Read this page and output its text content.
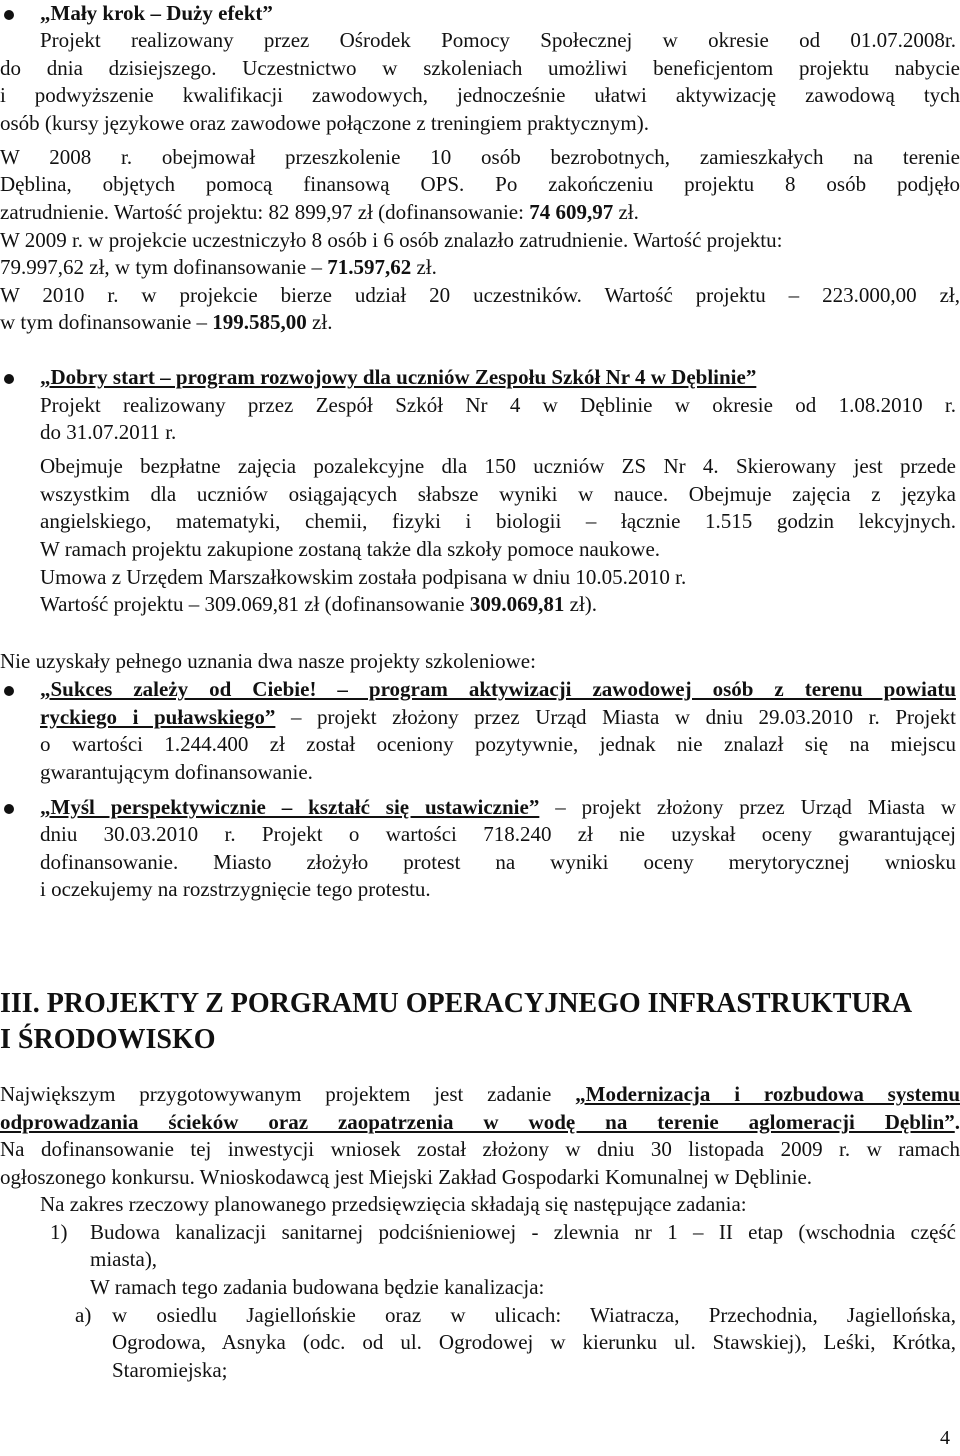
„Mały krok – Duży efekt”
Projekt realizowany przez Ośrodek Pomocy Społecznej w okresie od 01.07.2008r.
do dnia dzisiejszego. Uczestnictwo w szkoleniach umożliwi beneficjentom projektu nabycie
i podwyższenie kwalifikacji zawodowych, jednocześnie ułatwi aktywizację zawodową tych
osób (kursy językowe oraz zawodowe połączone z treningiem praktycznym).
W 2008 r. obejmował przeszkolenie 10 osób bezrobotnych, zamieszkałych na terenie
Dęblina, objętych pomocą finansową OPS. Po zakończeniu projektu 8 osób podjęło
zatrudnienie. Wartość projektu: 82 899,97 zł (dofinansowanie: 74 609,97 zł.
W 2009 r. w projekcie uczestniczyło 8 osób i 6 osób znalazło zatrudnienie. Wartość projektu:
79.997,62 zł, w tym dofinansowanie – 71.597,62 zł.
W 2010 r. w projekcie bierze udział 20 uczestników. Wartość projektu – 223.000,00 zł,
w tym dofinansowanie – 199.585,00 zł.
„Dobry start – program rozwojowy dla uczniów Zespołu Szkół Nr 4 w Dęblinie”
Projekt realizowany przez Zespół Szkół Nr 4 w Dęblinie w okresie od 1.08.2010 r.
do 31.07.2011 r.
Obejmuje bezpłatne zajęcia pozalekcyjne dla 150 uczniów ZS Nr 4. Skierowany jest przede
wszystkim dla uczniów osiągających słabsze wyniki w nauce. Obejmuje zajęcia z języka
angielskiego, matematyki, chemii, fizyki i biologii – łącznie 1.515 godzin lekcyjnych.
W ramach projektu zakupione zostaną także dla szkoły pomoce naukowe.
Umowa z Urzędem Marszałkowskim została podpisana w dniu 10.05.2010 r.
Wartość projektu – 309.069,81 zł (dofinansowanie 309.069,81 zł).
Nie uzyskały pełnego uznania dwa nasze projekty szkoleniowe:
„Sukces zależy od Ciebie! – program aktywizacji zawodowej osób z terenu powiatu
ryckiego i puławskiego” – projekt złożony przez Urząd Miasta w dniu 29.03.2010 r. Projekt
o wartości 1.244.400 zł został oceniony pozytywnie, jednak nie znalazł się na miejscu
gwarantującym dofinansowanie.
„Myśl perspektywicznie – kształć się ustawicznie” – projekt złożony przez Urząd Miasta w
dniu 30.03.2010 r. Projekt o wartości 718.240 zł nie uzyskał oceny gwarantującej
dofinansowanie. Miasto złożyło protest na wyniki oceny merytorycznej wniosku
i oczekujemy na rozstrzygnięcie tego protestu.
III. PROJEKTY Z PORGRAMU OPERACYJNEGO INFRASTRUKTURA
I ŚRODOWISKO
Największym przygotowywanym projektem jest zadanie „Modernizacja i rozbudowa systemu
odprowadzania ścieków oraz zaopatrzenia w wodę na terenie aglomeracji Dęblin”.
Na dofinansowanie tej inwestycji wniosek został złożony w dniu 30 listopada 2009 r. w ramach
ogłoszonego konkursu. Wnioskodawcą jest Miejski Zakład Gospodarki Komunalnej w Dęblinie.
Na zakres rzeczowy planowanego przedsięwzięcia składają się następujące zadania:
1)	Budowa kanalizacji sanitarnej podciśnieniowej - zlewnia nr 1 – II etap (wschodnia część
miasta),
W ramach tego zadania budowana będzie kanalizacja:
a) w osiedlu Jagiellońskie oraz w ulicach: Wiatracza, Przechodnia, Jagiellońska,
Ogrodowa, Asnyka (odc. od ul. Ogrodowej w kierunku ul. Stawskiej), Leśki, Krótka,
Staromiejska;
4
